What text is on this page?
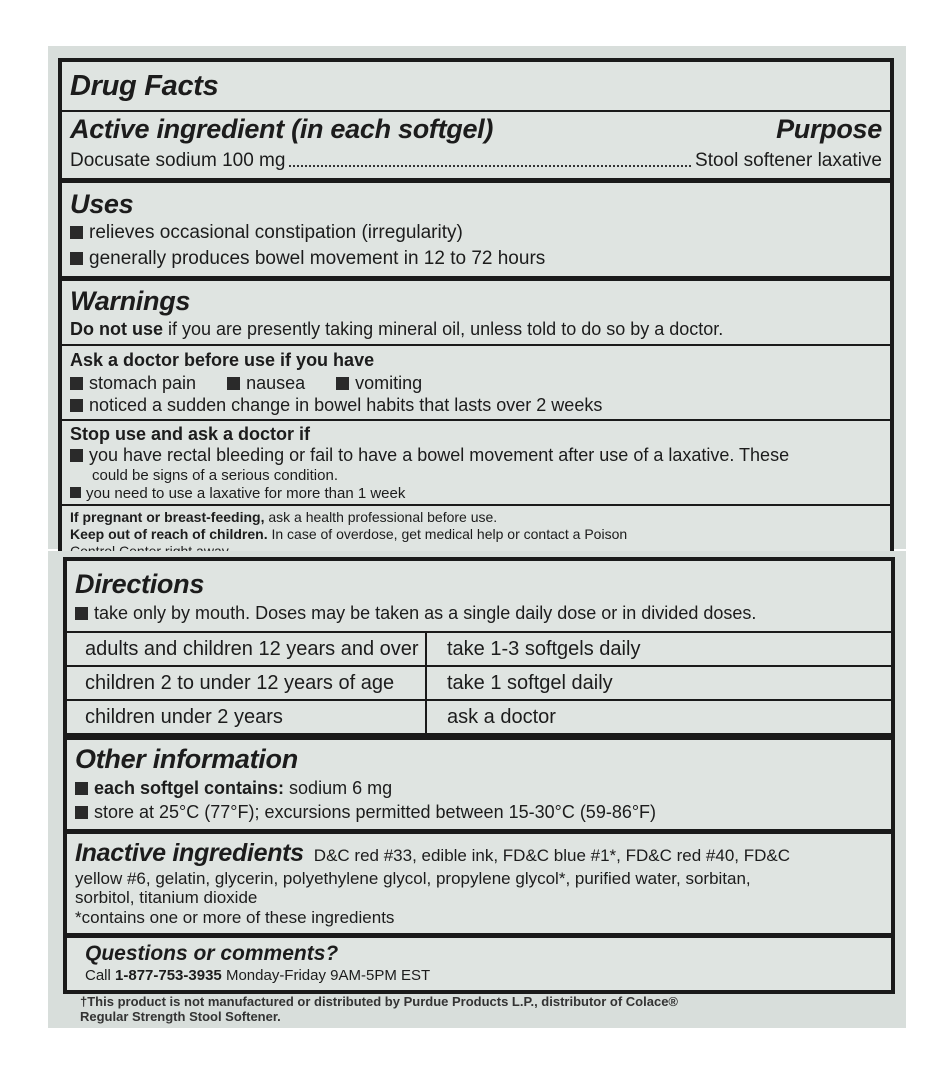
Drug Facts
Active ingredient (in each softgel)	Purpose
Docusate sodium 100 mg	Stool softener laxative
Uses
relieves occasional constipation (irregularity)
generally produces bowel movement in 12 to 72 hours
Warnings
Do not use if you are presently taking mineral oil, unless told to do so by a doctor.
Ask a doctor before use if you have
stomach pain	nausea	vomiting
noticed a sudden change in bowel habits that lasts over 2 weeks
Stop use and ask a doctor if
you have rectal bleeding or fail to have a bowel movement after use of a laxative. These
could be signs of a serious condition.
you need to use a laxative for more than 1 week
If pregnant or breast-feeding, ask a health professional before use.
Keep out of reach of children. In case of overdose, get medical help or contact a Poison
Directions
take only by mouth. Doses may be taken as a single daily dose or in divided doses.
adults and children 12 years and over	take 1-3 softgels daily
children 2 to under 12 years of age	take 1 softgel daily
children under 2 years	ask a doctor
Other information
each softgel contains: sodium 6 mg
store at 25°C (77°F); excursions permitted between 15-30°C (59-86°F)
Inactive ingredients D&C red #33, edible ink, FD&C blue #1*, FD&C red #40, FD&C
yellow #6, gelatin, glycerin, polyethylene glycol, propylene glycol*, purified water, sorbitan,
sorbitol, titanium dioxide
*contains one or more of these ingredients
Questions or comments?
Call 1-877-753-3935 Monday-Friday 9AM-5PM EST
†This product is not manufactured or distributed by Purdue Products L.P., distributor of Colace®
Regular Strength Stool Softener.
